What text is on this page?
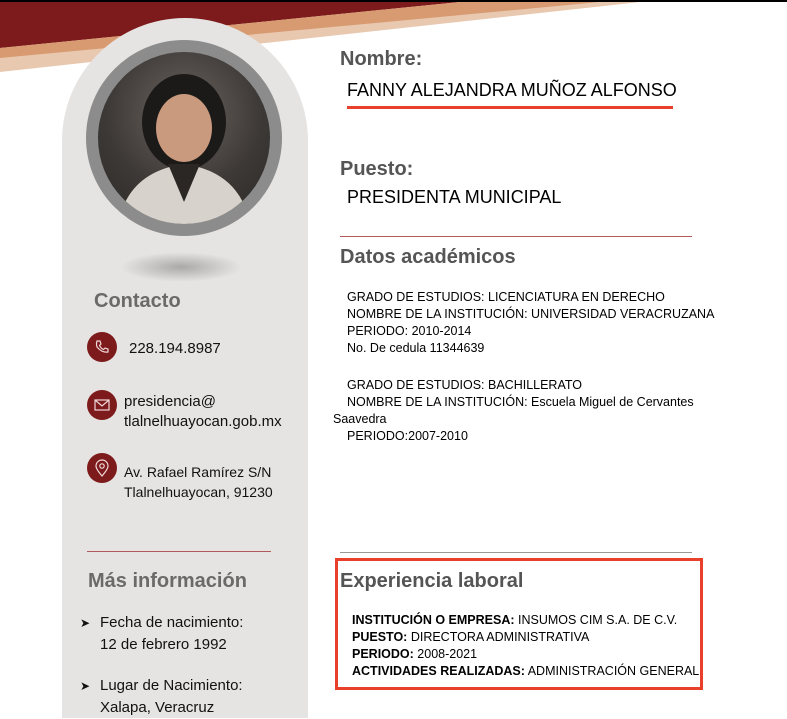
Contacto
228.194.8987
presidencia@
tlalnelhuayocan.gob.mx
Av. Rafael Ramírez S/N
Tlalnelhuayocan, 91230
Más información
➤ Fecha de nacimiento:
12 de febrero 1992
➤ Lugar de Nacimiento:
Xalapa, Veracruz
Nombre:
FANNY ALEJANDRA MUÑOZ ALFONSO
Puesto:
PRESIDENTA MUNICIPAL
Datos académicos

GRADO DE ESTUDIOS: LICENCIATURA EN DERECHO

NOMBRE DE LA INSTITUCIÓN: UNIVERSIDAD VERACRUZANA

PERIODO: 2010-2014

No. De cedula 11344639

GRADO DE ESTUDIOS: BACHILLERATO

NOMBRE DE LA INSTITUCIÓN: Escuela Miguel de Cervantes

Saavedra

PERIODO:2007-2010

Experiencia laboral

INSTITUCIÓN O EMPRESA: INSUMOS CIM S.A. DE C.V.

PUESTO: DIRECTORA ADMINISTRATIVA

PERIODO: 2008-2021

ACTIVIDADES REALIZADAS: ADMINISTRACIÓN GENERAL
